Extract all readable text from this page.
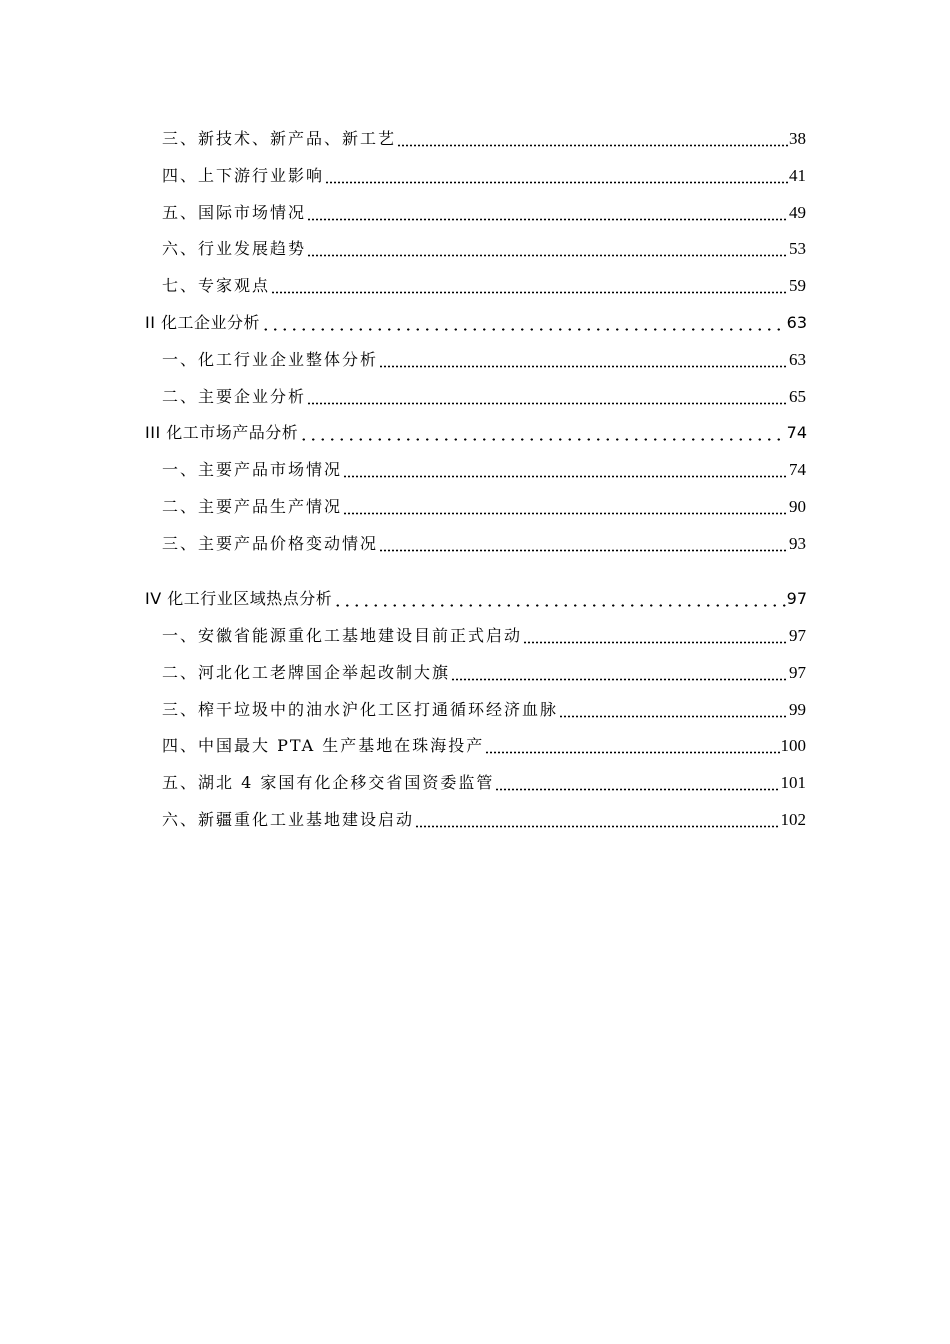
三、新技术、新产品、新工艺	38
四、上下游行业影响	41
五、国际市场情况	49
六、行业发展趋势	53
七、专家观点	59
II 化工企业分析	63
一、化工行业企业整体分析	63
二、主要企业分析	65
III 化工市场产品分析	74
一、主要产品市场情况	74
二、主要产品生产情况	90
三、主要产品价格变动情况	93
IV 化工行业区域热点分析	97
一、安徽省能源重化工基地建设目前正式启动	97
二、河北化工老牌国企举起改制大旗	97
三、榨干垃圾中的油水沪化工区打通循环经济血脉	99
四、中国最大 PTA 生产基地在珠海投产	100
五、湖北 4 家国有化企移交省国资委监管	101
六、新疆重化工业基地建设启动	102
